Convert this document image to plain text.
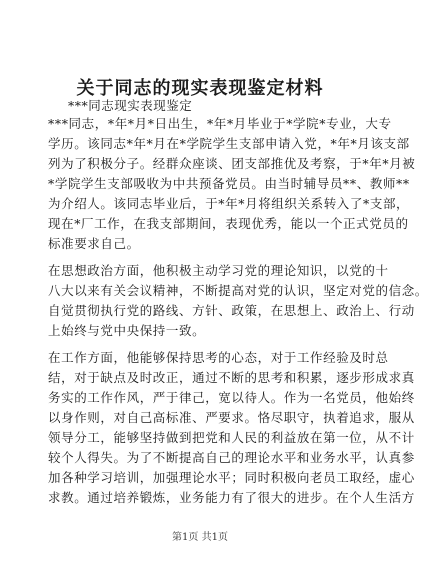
关于同志的现实表现鉴定材料
***同志现实表现鉴定
***同志，*年*月*日出生，*年*月毕业于*学院*专业，大专
学历。该同志*年*月在*学院学生支部申请入党，*年*月该支部
列为了积极分子。经群众座谈、团支部推优及考察，于*年*月被
*学院学生支部吸收为中共预备党员。由当时辅导员**、教师**
为介绍人。该同志毕业后，于*年*月将组织关系转入了*支部，
现在*厂工作，在我支部期间，表现优秀，能以一个正式党员的
标准要求自己。
在思想政治方面，他积极主动学习党的理论知识，以党的十
八大以来有关会议精神，不断提高对党的认识，坚定对党的信念。
自觉贯彻执行党的路线、方针、政策，在思想上、政治上、行动
上始终与党中央保持一致。
在工作方面，他能够保持思考的心态，对于工作经验及时总
结，对于缺点及时改正，通过不断的思考和积累，逐步形成求真
务实的工作作风，严于律己，宽以待人。作为一名党员，他始终
以身作则，对自己高标准、严要求。恪尽职守，执着追求，服从
领导分工，能够坚持做到把党和人民的利益放在第一位，从不计
较个人得失。为了不断提高自己的理论水平和业务水平，认真参
加各种学习培训，加强理论水平；同时积极向老员工取经，虚心
求教。通过培养锻炼，业务能力有了很大的进步。在个人生活方
第1页 共1页
